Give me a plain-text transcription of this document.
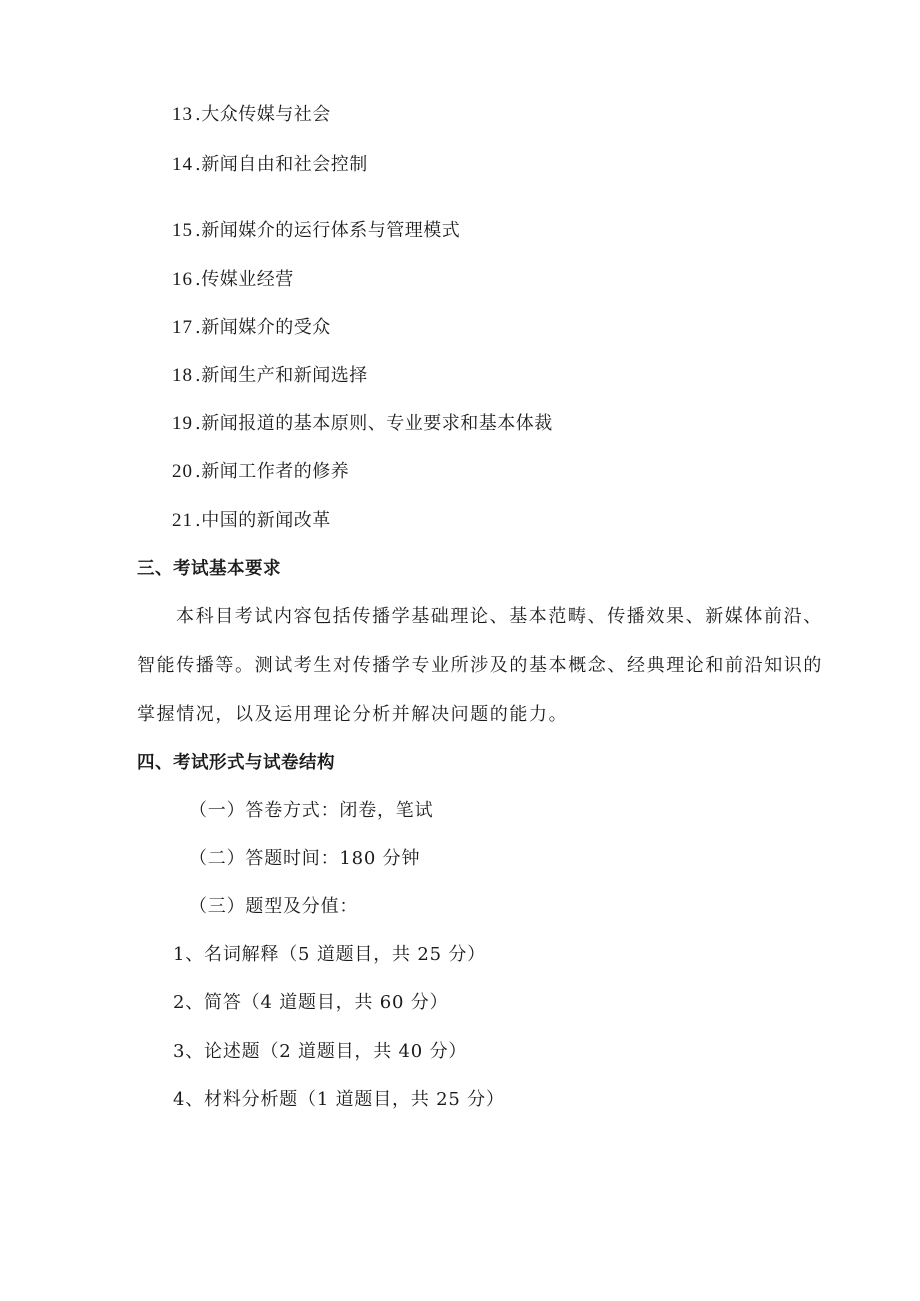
13 .大众传媒与社会
14 .新闻自由和社会控制
15 .新闻媒介的运行体系与管理模式
16 .传媒业经营
17 .新闻媒介的受众
18 .新闻生产和新闻选择
19 .新闻报道的基本原则、专业要求和基本体裁
20 .新闻工作者的修养
21 .中国的新闻改革
三、考试基本要求
本科目考试内容包括传播学基础理论、基本范畴、传播效果、新媒体前沿、
智能传播等。测试考生对传播学专业所涉及的基本概念、经典理论和前沿知识的
掌握情况，以及运用理论分析并解决问题的能力。
四、考试形式与试卷结构
（一）答卷方式：闭卷，笔试
（二）答题时间：180 分钟
（三）题型及分值：
1、名词解释（5 道题目，共 25 分）
2、简答（4 道题目，共 60 分）
3、论述题（2 道题目，共 40 分）
4、材料分析题（1 道题目，共 25 分）
